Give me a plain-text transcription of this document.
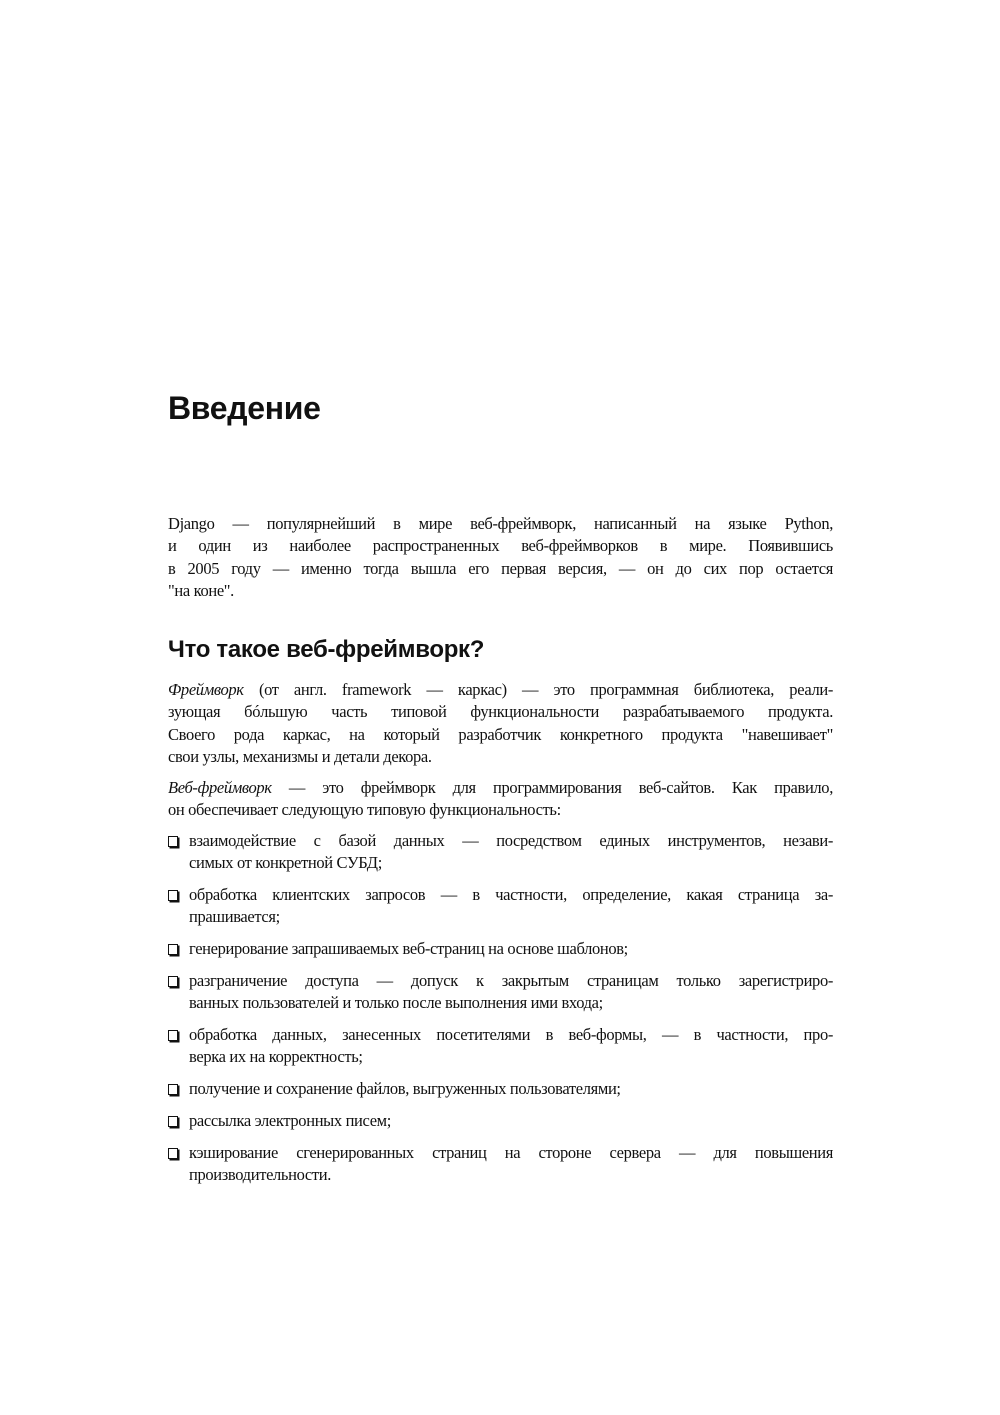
Введение
Django — популярнейший в мире веб-фреймворк, написанный на языке Python,
и один из наиболее распространенных веб-фреймворков в мире. Появившись
в 2005 году — именно тогда вышла его первая версия, — он до сих пор остается
"на коне".
Что такое веб-фреймворк?
Фреймворк (от англ. framework — каркас) — это программная библиотека, реали-
зующая бóльшую часть типовой функциональности разрабатываемого продукта.
Своего рода каркас, на который разработчик конкретного продукта "навешивает"
свои узлы, механизмы и детали декора.
Веб-фреймворк — это фреймворк для программирования веб-сайтов. Как правило,
он обеспечивает следующую типовую функциональность:
взаимодействие с базой данных — посредством единых инструментов, незави-
симых от конкретной СУБД;
обработка клиентских запросов — в частности, определение, какая страница за-
прашивается;
генерирование запрашиваемых веб-страниц на основе шаблонов;
разграничение доступа — допуск к закрытым страницам только зарегистриро-
ванных пользователей и только после выполнения ими входа;
обработка данных, занесенных посетителями в веб-формы, — в частности, про-
верка их на корректность;
получение и сохранение файлов, выгруженных пользователями;
рассылка электронных писем;
кэширование сгенерированных страниц на стороне сервера — для повышения
производительности.
